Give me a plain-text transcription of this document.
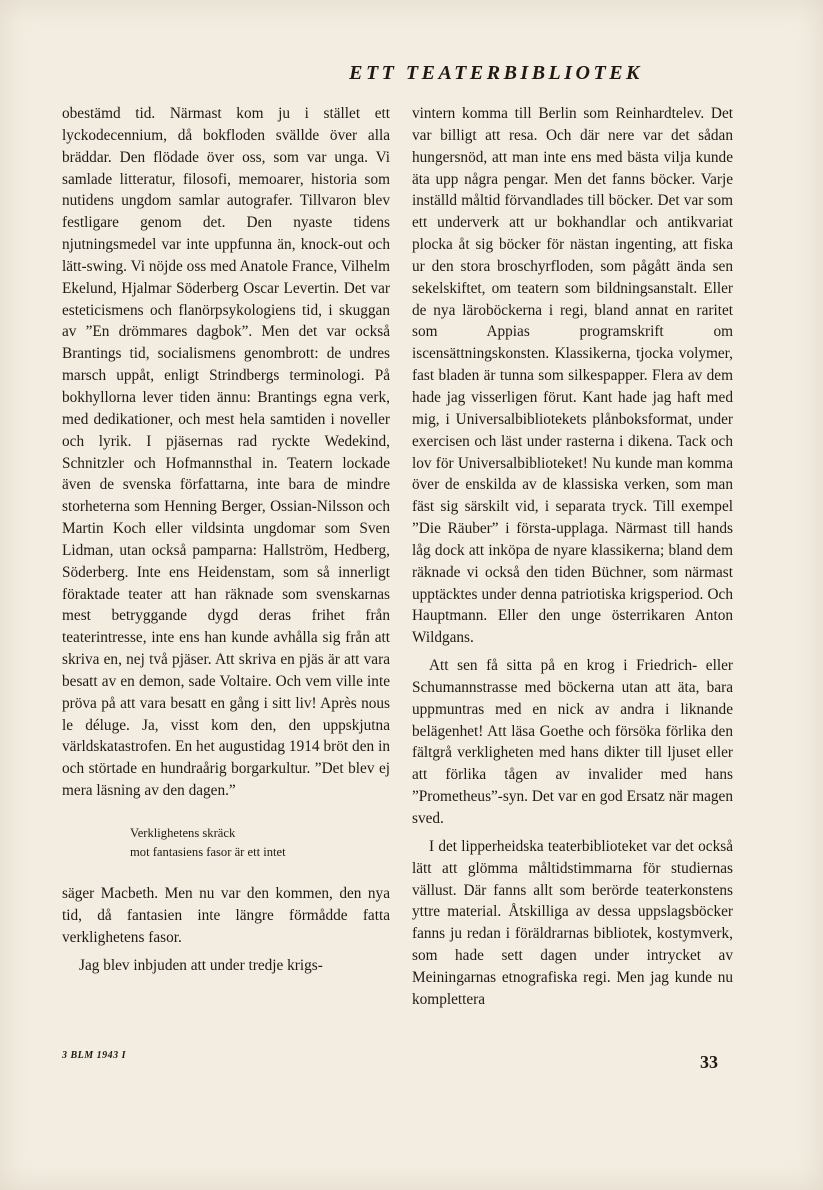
ETT TEATERBIBLIOTEK

obestämd tid. Närmast kom ju i stället ett lyckodecennium, då bokfloden svällde över alla bräddar. Den flödade över oss, som var unga. Vi samlade litteratur, filosofi, memoarer, historia som nutidens ungdom samlar autografer. Tillvaron blev festligare genom det. Den nyaste tidens njutningsmedel var inte uppfunna än, knock-out och lätt-swing. Vi nöjde oss med Anatole France, Vilhelm Ekelund, Hjalmar Söderberg Oscar Levertin. Det var esteticismens och flanörpsykologiens tid, i skuggan av ”En drömmares dagbok”. Men det var också Brantings tid, socialismens genombrott: de undres marsch uppåt, enligt Strindbergs terminologi. På bokhyllorna lever tiden ännu: Brantings egna verk, med dedikationer, och mest hela samtiden i noveller och lyrik. I pjäsernas rad ryckte Wedekind, Schnitzler och Hofmannsthal in. Teatern lockade även de svenska författarna, inte bara de mindre storheterna som Henning Berger, Ossian-Nilsson och Martin Koch eller vildsinta ungdomar som Sven Lidman, utan också pamparna: Hallström, Hedberg, Söderberg. Inte ens Heidenstam, som så innerligt föraktade teater att han räknade som svenskarnas mest betryggande dygd deras frihet från teaterintresse, inte ens han kunde avhålla sig från att skriva en, nej två pjäser. Att skriva en pjäs är att vara besatt av en demon, sade Voltaire. Och vem ville inte pröva på att vara besatt en gång i sitt liv! Après nous le déluge. Ja, visst kom den, den uppskjutna världskatastrofen. En het augustidag 1914 bröt den in och störtade en hundraårig borgarkultur. ”Det blev ej mera läsning av den dagen.”

Verklighetens skräck
mot fantasiens fasor är ett intet

säger Macbeth. Men nu var den kommen, den nya tid, då fantasien inte längre förmådde fatta verklighetens fasor.

Jag blev inbjuden att under tredje krigs-

vintern komma till Berlin som Reinhardtelev. Det var billigt att resa. Och där nere var det sådan hungersnöd, att man inte ens med bästa vilja kunde äta upp några pengar. Men det fanns böcker. Varje inställd måltid förvandlades till böcker. Det var som ett underverk att ur bokhandlar och antikvariat plocka åt sig böcker för nästan ingenting, att fiska ur den stora broschyrfloden, som pågått ända sen sekelskiftet, om teatern som bildningsanstalt. Eller de nya läroböckerna i regi, bland annat en raritet som Appias programskrift om iscensättningskonsten. Klassikerna, tjocka volymer, fast bladen är tunna som silkespapper. Flera av dem hade jag visserligen förut. Kant hade jag haft med mig, i Universalbibliotekets plånboksformat, under exercisen och läst under rasterna i dikena. Tack och lov för Universalbiblioteket! Nu kunde man komma över de enskilda av de klassiska verken, som man fäst sig särskilt vid, i separata tryck. Till exempel ”Die Räuber” i första-upplaga. Närmast till hands låg dock att inköpa de nyare klassikerna; bland dem räknade vi också den tiden Büchner, som närmast upptäcktes under denna patriotiska krigsperiod. Och Hauptmann. Eller den unge österrikaren Anton Wildgans.

Att sen få sitta på en krog i Friedrich- eller Schumannstrasse med böckerna utan att äta, bara uppmuntras med en nick av andra i liknande belägenhet! Att läsa Goethe och försöka förlika den fältgrå verkligheten med hans dikter till ljuset eller att förlika tågen av invalider med hans ”Prometheus”-syn. Det var en god Ersatz när magen sved.

I det lipperheidska teaterbiblioteket var det också lätt att glömma måltidstimmarna för studiernas vällust. Där fanns allt som berörde teaterkonstens yttre material. Åtskilliga av dessa uppslagsböcker fanns ju redan i föräldrarnas bibliotek, kostymverk, som hade sett dagen under intrycket av Meiningarnas etnografiska regi. Men jag kunde nu komplettera

3 BLM 1943 I	33
